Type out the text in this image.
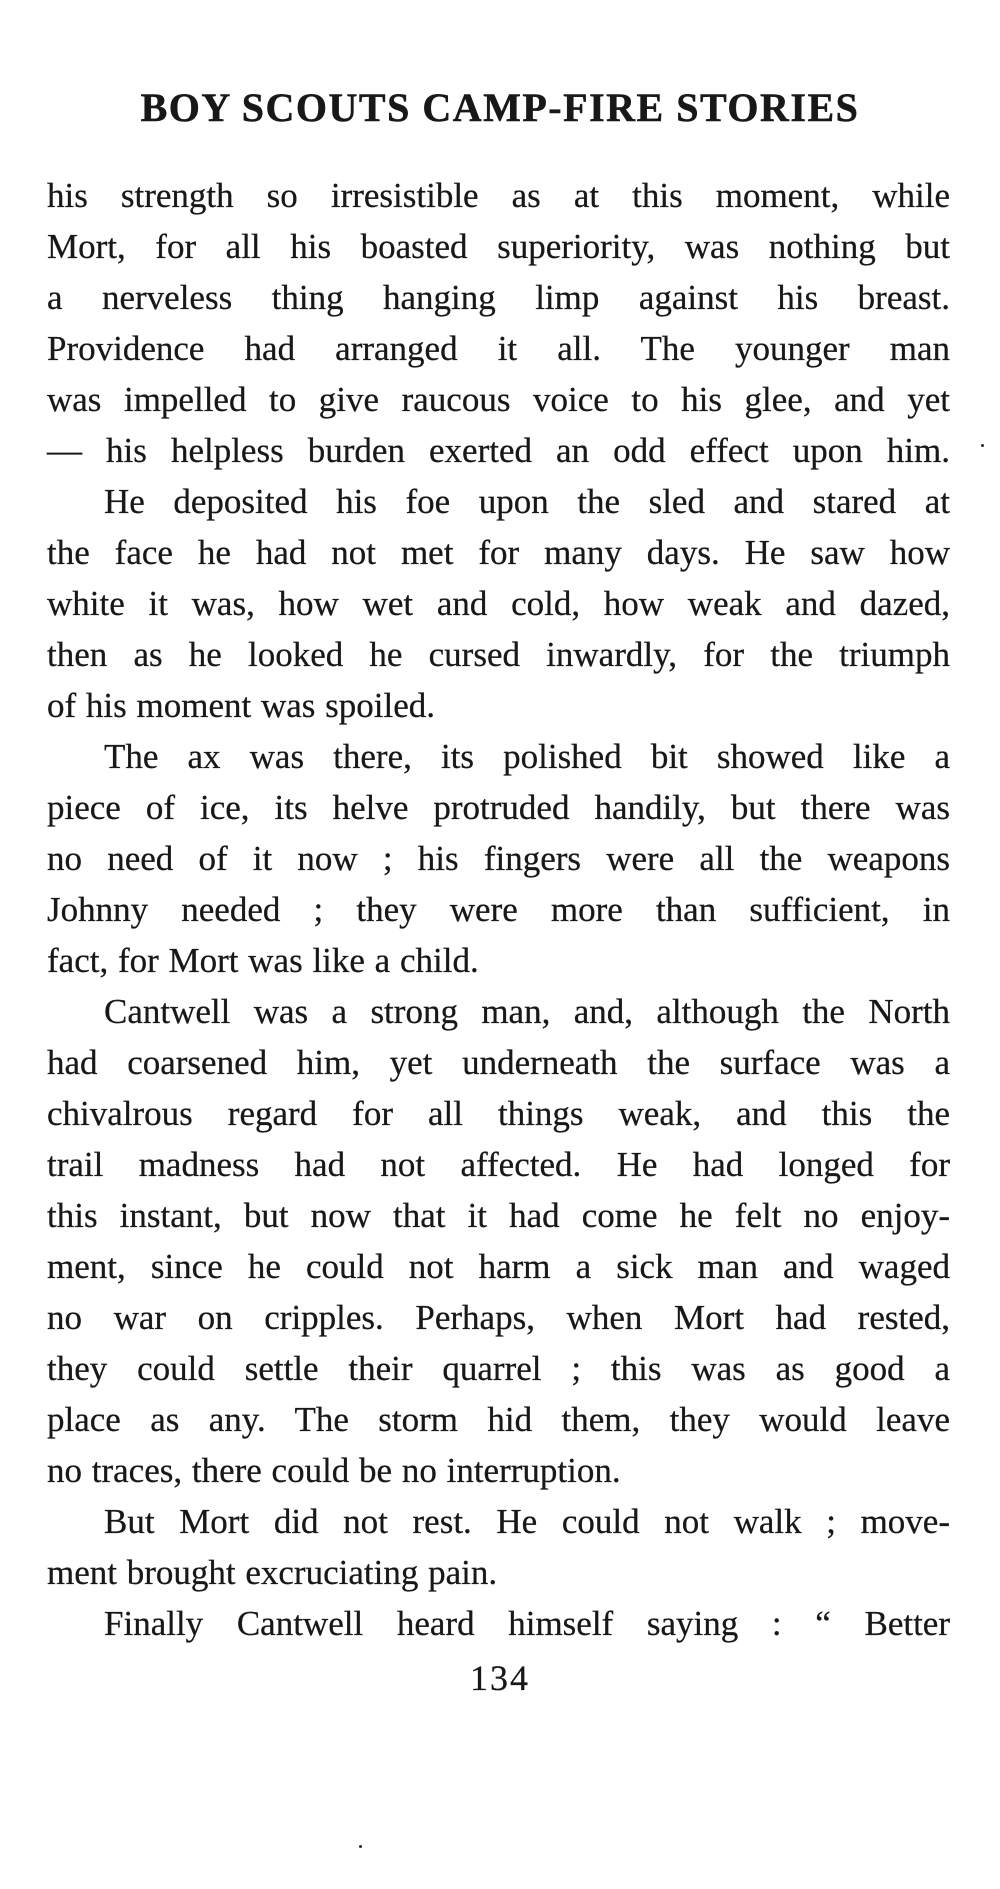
BOY SCOUTS CAMP-FIRE STORIES
his strength so irresistible as at this moment, while
Mort, for all his boasted superiority, was nothing but
a nerveless thing hanging limp against his breast.
Providence had arranged it all. The younger man
was impelled to give raucous voice to his glee, and yet
— his helpless burden exerted an odd effect upon him.
He deposited his foe upon the sled and stared at
the face he had not met for many days. He saw how
white it was, how wet and cold, how weak and dazed,
then as he looked he cursed inwardly, for the triumph
of his moment was spoiled.
The ax was there, its polished bit showed like a
piece of ice, its helve protruded handily, but there was
no need of it now ; his fingers were all the weapons
Johnny needed ; they were more than sufficient, in
fact, for Mort was like a child.
Cantwell was a strong man, and, although the North
had coarsened him, yet underneath the surface was a
chivalrous regard for all things weak, and this the
trail madness had not affected. He had longed for
this instant, but now that it had come he felt no enjoy-
ment, since he could not harm a sick man and waged
no war on cripples. Perhaps, when Mort had rested,
they could settle their quarrel ; this was as good a
place as any. The storm hid them, they would leave
no traces, there could be no interruption.
But Mort did not rest. He could not walk ; move-
ment brought excruciating pain.
Finally Cantwell heard himself saying : “ Better
134
